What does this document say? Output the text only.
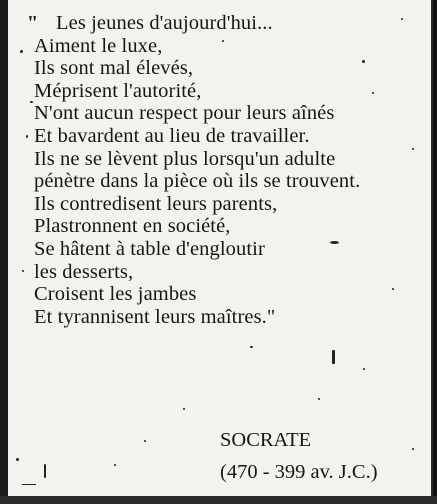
" Les jeunes d'aujourd'hui...
Aiment le luxe,
Ils sont mal élevés,
Méprisent l'autorité,
N'ont aucun respect pour leurs aînés
Et bavardent au lieu de travailler.
Ils ne se lèvent plus lorsqu'un adulte
pénètre dans la pièce où ils se trouvent.
Ils contredisent leurs parents,
Plastronnent en société,
Se hâtent à table d'engloutir
les desserts,
Croisent les jambes
Et tyrannisent leurs maîtres."
SOCRATE
(470 - 399 av. J.C.)
